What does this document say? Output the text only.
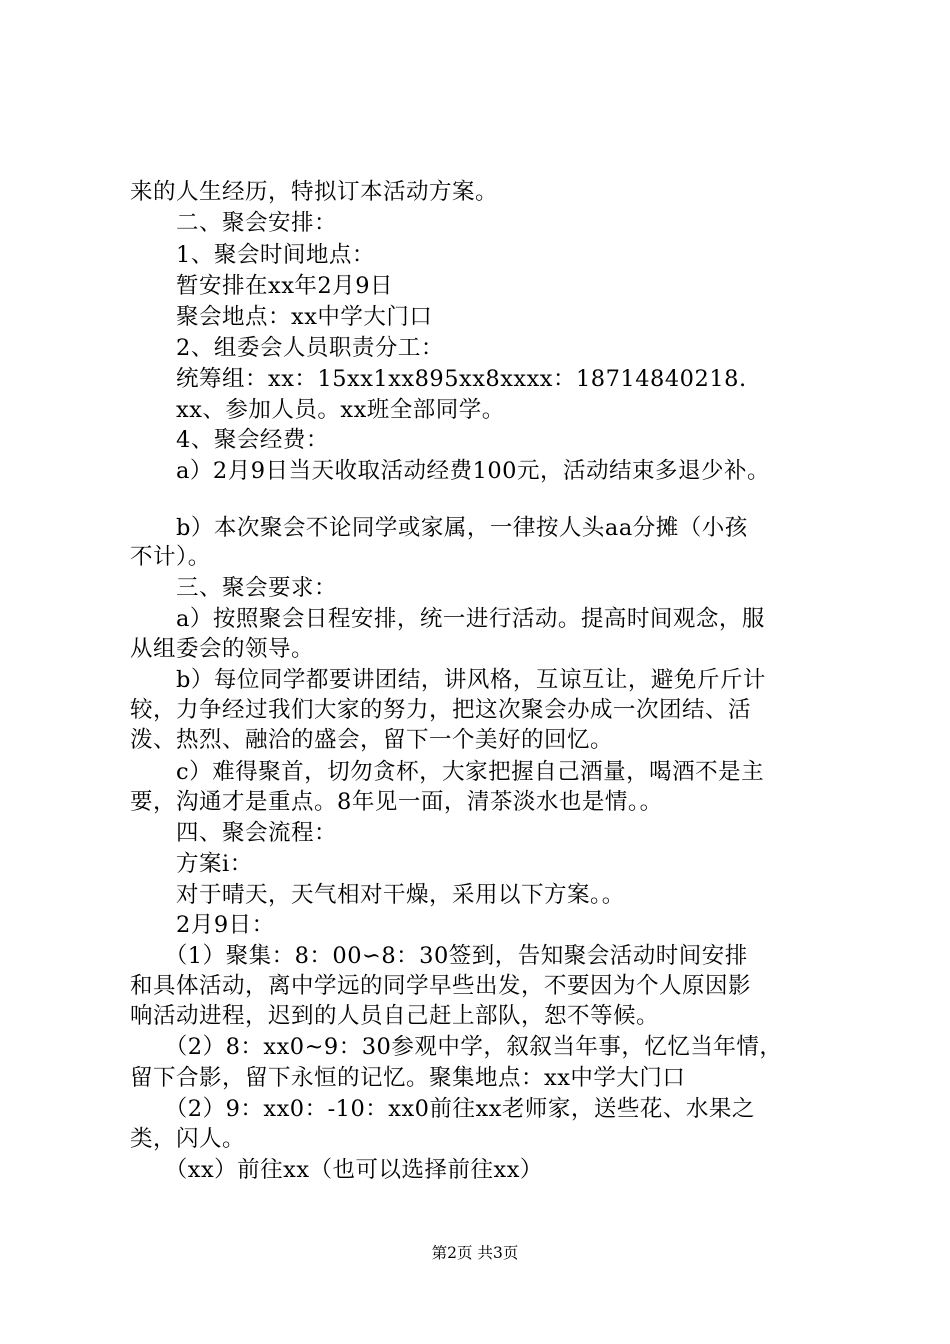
来的人生经历，特拟订本活动方案。
　　二、聚会安排：
　　1、聚会时间地点：
　　暂安排在xx年2月9日
　　聚会地点：xx中学大门口
　　2、组委会人员职责分工：
　　统筹组：xx：15xx1xx895xx8xxxx：18714840218.
　　xx、参加人员。xx班全部同学。
　　4、聚会经费：
　　a）2月9日当天收取活动经费100元，活动结束多退少补。
　　b）本次聚会不论同学或家属，一律按人头aa分摊（小孩
不计）。
　　三、聚会要求：
　　a）按照聚会日程安排，统一进行活动。提高时间观念，服
从组委会的领导。
　　b）每位同学都要讲团结，讲风格，互谅互让，避免斤斤计
较，力争经过我们大家的努力，把这次聚会办成一次团结、活
泼、热烈、融洽的盛会，留下一个美好的回忆。
　　c）难得聚首，切勿贪杯，大家把握自己酒量，喝酒不是主
要，沟通才是重点。8年见一面，清茶淡水也是情。。
　　四、聚会流程：
　　方案ⅰ：
　　对于晴天，天气相对干燥，采用以下方案。。
　　2月9日：
　　（1）聚集：8：00∽8：30签到，告知聚会活动时间安排
和具体活动，离中学远的同学早些出发，不要因为个人原因影
响活动进程，迟到的人员自己赶上部队，恕不等候。
　　（2）8：xx0~9：30参观中学，叙叙当年事，忆忆当年情，
留下合影，留下永恒的记忆。聚集地点：xx中学大门口
　　（2）9：xx0：-10：xx0前往xx老师家，送些花、水果之
类，闪人。
　　（xx）前往xx（也可以选择前往xx）
第2页 共3页
